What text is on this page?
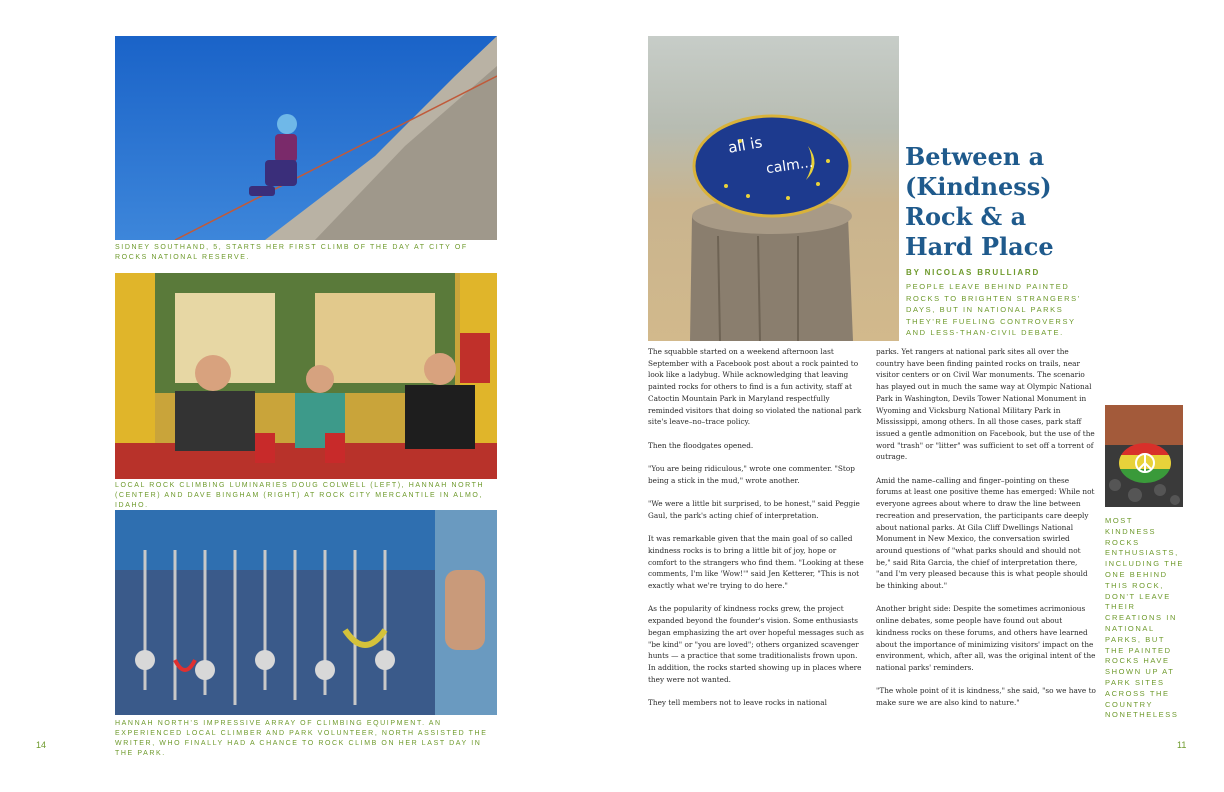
SIDNEY SOUTHAND, 5, STARTS HER FIRST CLIMB OF THE DAY AT CITY OF ROCKS NATIONAL RESERVE.
LOCAL ROCK CLIMBING LUMINARIES DOUG COLWELL (LEFT), HANNAH NORTH (CENTER) AND DAVE BINGHAM (RIGHT) AT ROCK CITY MERCANTILE IN ALMO, IDAHO.
HANNAH NORTH'S IMPRESSIVE ARRAY OF CLIMBING EQUIPMENT. AN EXPERIENCED LOCAL CLIMBER AND PARK VOLUNTEER, NORTH ASSISTED THE WRITER, WHO FINALLY HAD A CHANCE TO ROCK CLIMB ON HER LAST DAY IN THE PARK.
14
all is
calm...	Between a
(Kindness)
Rock & a
Hard Place
BY NICOLAS BRULLIARD
PEOPLE LEAVE BEHIND PAINTED ROCKS TO BRIGHTEN STRANGERS' DAYS, BUT IN NATIONAL PARKS THEY'RE FUELING CONTROVERSY AND LESS-THAN-CIVIL DEBATE.

The squabble started on a weekend afternoon last September with a Facebook post about a rock painted to look like a ladybug. While acknowledging that leaving painted rocks for others to find is a fun activity, staff at Catoctin Mountain Park in Maryland respectfully reminded visitors that doing so violated the national park site's leave–no–trace policy.

Then the floodgates opened.

"You are being ridiculous," wrote one commenter. "Stop being a stick in the mud," wrote another.

"We were a little bit surprised, to be honest," said Peggie Gaul, the park's acting chief of interpretation.

It was remarkable given that the main goal of so called kindness rocks is to bring a little bit of joy, hope or comfort to the strangers who find them. "Looking at these comments, I'm like 'Wow!'" said Jen Ketterer, "This is not exactly what we're trying to do here."

As the popularity of kindness rocks grew, the project expanded beyond the founder's vision. Some enthusiasts began emphasizing the art over hopeful messages such as "be kind" or "you are loved"; others organized scavenger hunts — a practice that some traditionalists frown upon. In addition, the rocks started showing up in places where they were not wanted.

They tell members not to leave rocks in national

parks. Yet rangers at national park sites all over the country have been finding painted rocks on trails, near visitor centers or on Civil War monuments. The scenario has played out in much the same way at Olympic National Park in Washington, Devils Tower National Monument in Wyoming and Vicksburg National Military Park in Mississippi, among others. In all those cases, park staff issued a gentle admonition on Facebook, but the use of the word "trash" or "litter" was sufficient to set off a torrent of outrage.

Amid the name–calling and finger–pointing on these forums at least one positive theme has emerged: While not everyone agrees about where to draw the line between recreation and preservation, the participants care deeply about national parks. At Gila Cliff Dwellings National Monument in New Mexico, the conversation swirled around questions of "what parks should and should not be," said Rita Garcia, the chief of interpretation there, "and I'm very pleased because this is what people should be thinking about."

Another bright side: Despite the sometimes acrimonious online debates, some people have found out about kindness rocks on these forums, and others have learned about the importance of minimizing visitors' impact on the environment, which, after all, was the original intent of the national parks' reminders.

"The whole point of it is kindness," she said, "so we have to make sure we are also kind to nature."

MOST KINDNESS ROCKS ENTHUSIASTS, INCLUDING THE ONE BEHIND THIS ROCK, DON'T LEAVE THEIR CREATIONS IN NATIONAL PARKS, BUT THE PAINTED ROCKS HAVE SHOWN UP AT PARK SITES ACROSS THE COUNTRY NONETHELESS
11
